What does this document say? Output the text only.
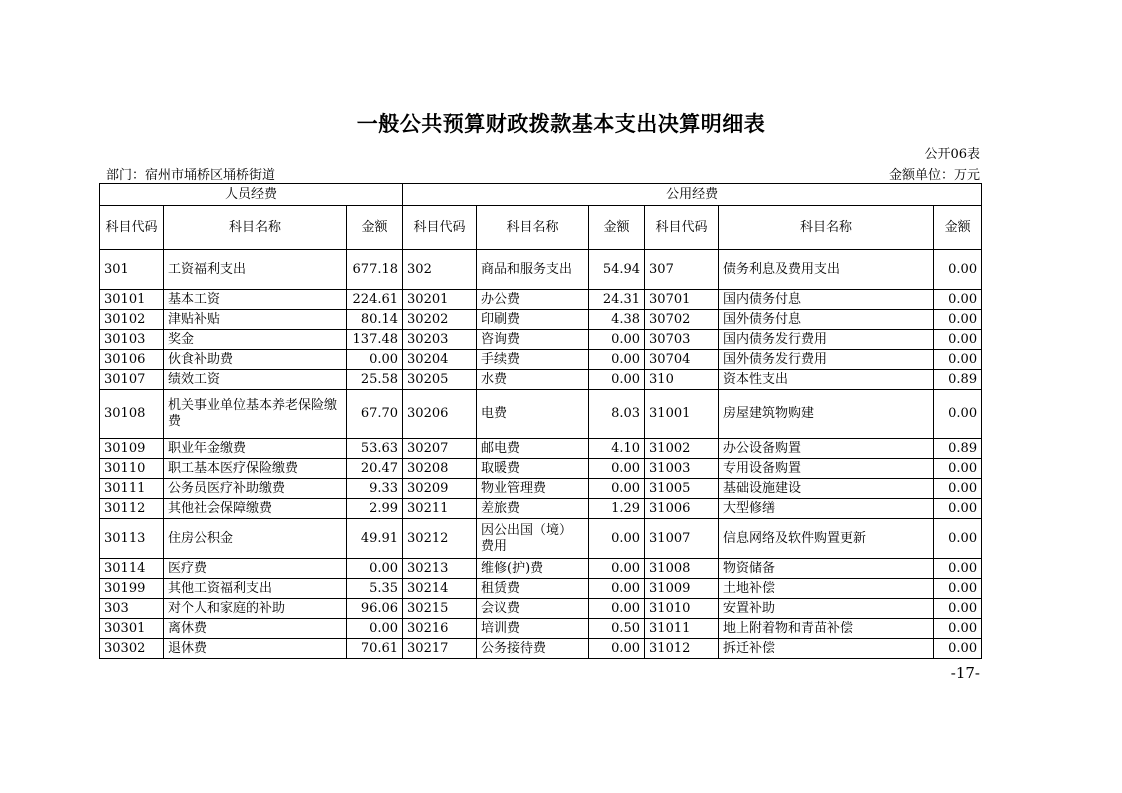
一般公共预算财政拨款基本支出决算明细表
公开06表
部门：宿州市埇桥区埇桥街道	金额单位：万元
人员经费			公用经费					
科目代码	科目名称	金额	科目代码	科目名称	金额	科目代码	科目名称	金额
301	工资福利支出	677.18	302	商品和服务支出	54.94	307	债务利息及费用支出	0.00
30101	基本工资	224.61	30201	办公费	24.31	30701	国内债务付息	0.00
30102	津贴补贴	80.14	30202	印刷费	4.38	30702	国外债务付息	0.00
30103	奖金	137.48	30203	咨询费	0.00	30703	国内债务发行费用	0.00
30106	伙食补助费	0.00	30204	手续费	0.00	30704	国外债务发行费用	0.00
30107	绩效工资	25.58	30205	水费	0.00	310	资本性支出	0.89
30108	机关事业单位基本养老保险缴费	67.70	30206	电费	8.03	31001	房屋建筑物购建	0.00
30109	职业年金缴费	53.63	30207	邮电费	4.10	31002	办公设备购置	0.89
30110	职工基本医疗保险缴费	20.47	30208	取暖费	0.00	31003	专用设备购置	0.00
30111	公务员医疗补助缴费	9.33	30209	物业管理费	0.00	31005	基础设施建设	0.00
30112	其他社会保障缴费	2.99	30211	差旅费	1.29	31006	大型修缮	0.00
30113	住房公积金	49.91	30212	因公出国（境）费用	0.00	31007	信息网络及软件购置更新	0.00
30114	医疗费	0.00	30213	维修(护)费	0.00	31008	物资储备	0.00
30199	其他工资福利支出	5.35	30214	租赁费	0.00	31009	土地补偿	0.00
303	对个人和家庭的补助	96.06	30215	会议费	0.00	31010	安置补助	0.00
30301	离休费	0.00	30216	培训费	0.50	31011	地上附着物和青苗补偿	0.00
30302	退休费	70.61	30217	公务接待费	0.00	31012	拆迁补偿	0.00
-17-
